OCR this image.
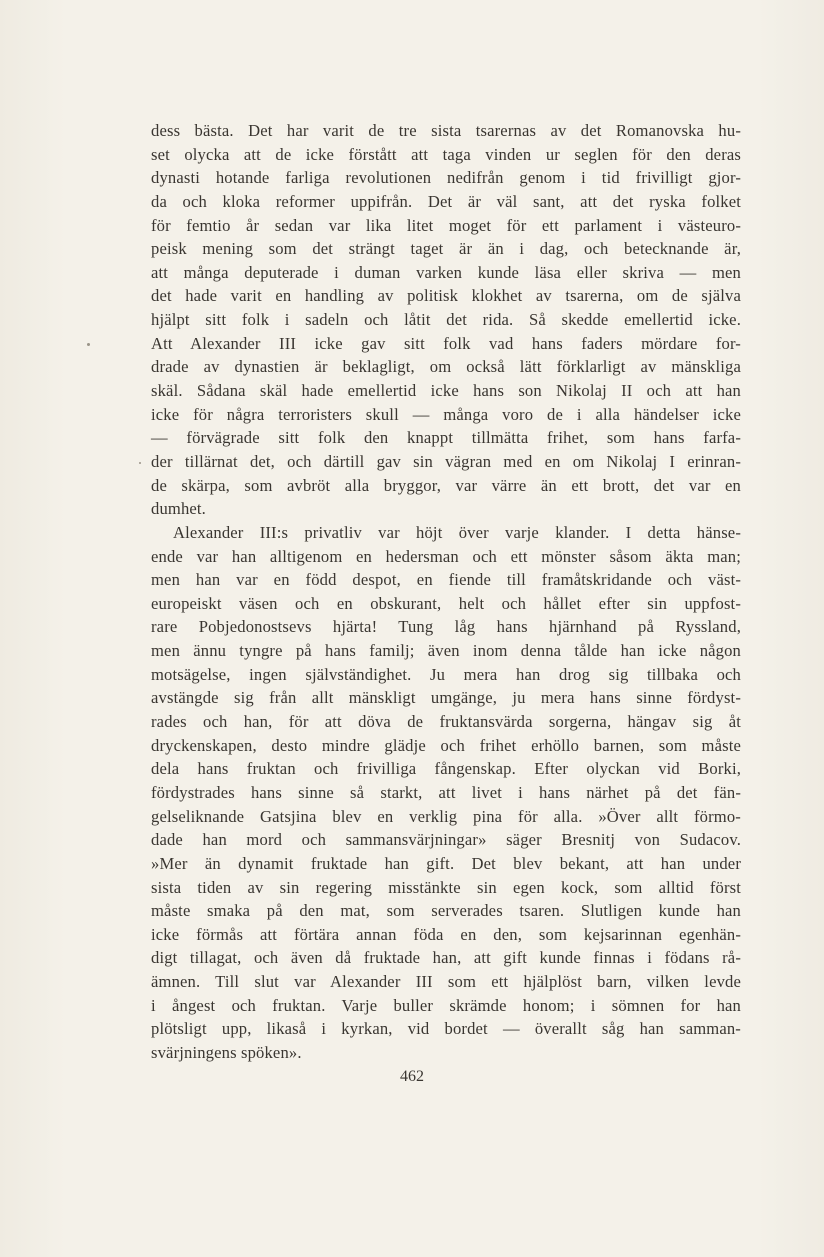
dess bästa. Det har varit de tre sista tsarernas av det Romanovska hu-
set olycka att de icke förstått att taga vinden ur seglen för den deras
dynasti hotande farliga revolutionen nedifrån genom i tid frivilligt gjor-
da och kloka reformer uppifrån. Det är väl sant, att det ryska folket
för femtio år sedan var lika litet moget för ett parlament i västeuro-
peisk mening som det strängt taget är än i dag, och betecknande är,
att många deputerade i duman varken kunde läsa eller skriva — men
det hade varit en handling av politisk klokhet av tsarerna, om de själva
hjälpt sitt folk i sadeln och låtit det rida. Så skedde emellertid icke.
Att Alexander III icke gav sitt folk vad hans faders mördare for-
drade av dynastien är beklagligt, om också lätt förklarligt av mänskliga
skäl. Sådana skäl hade emellertid icke hans son Nikolaj II och att han
icke för några terroristers skull — många voro de i alla händelser icke
— förvägrade sitt folk den knappt tillmätta frihet, som hans farfa-
der tillärnat det, och därtill gav sin vägran med en om Nikolaj I erinran-
de skärpa, som avbröt alla bryggor, var värre än ett brott, det var en
dumhet.
Alexander III:s privatliv var höjt över varje klander. I detta hänse-
ende var han alltigenom en hedersman och ett mönster såsom äkta man;
men han var en född despot, en fiende till framåtskridande och väst-
europeiskt väsen och en obskurant, helt och hållet efter sin uppfost-
rare Pobjedonostsevs hjärta! Tung låg hans hjärnhand på Ryssland,
men ännu tyngre på hans familj; även inom denna tålde han icke någon
motsägelse, ingen självständighet. Ju mera han drog sig tillbaka och
avstängde sig från allt mänskligt umgänge, ju mera hans sinne fördyst-
rades och han, för att döva de fruktansvärda sorgerna, hängav sig åt
dryckenskapen, desto mindre glädje och frihet erhöllo barnen, som måste
dela hans fruktan och frivilliga fångenskap. Efter olyckan vid Borki,
fördystrades hans sinne så starkt, att livet i hans närhet på det fän-
gelseliknande Gatsjina blev en verklig pina för alla. »Över allt förmo-
dade han mord och sammansvärjningar» säger Bresnitj von Sudacov.
»Mer än dynamit fruktade han gift. Det blev bekant, att han under
sista tiden av sin regering misstänkte sin egen kock, som alltid först
måste smaka på den mat, som serverades tsaren. Slutligen kunde han
icke förmås att förtära annan föda en den, som kejsarinnan egenhän-
digt tillagat, och även då fruktade han, att gift kunde finnas i födans rå-
ämnen. Till slut var Alexander III som ett hjälplöst barn, vilken levde
i ångest och fruktan. Varje buller skrämde honom; i sömnen for han
plötsligt upp, likaså i kyrkan, vid bordet — överallt såg han samman-
svärjningens spöken».
462
